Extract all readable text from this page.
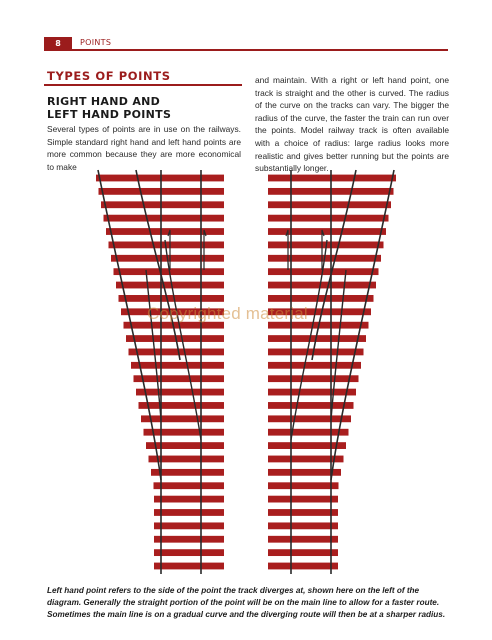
8	POINTS
TYPES OF POINTS
RIGHT HAND AND
LEFT HAND POINTS
Several types of points are in use on the railways. Simple standard right hand and left hand points are more common because they are more economical to make
and maintain. With a right or left hand point, one track is straight and the other is curved. The radius of the curve on the tracks can vary. The bigger the radius of the curve, the faster the train can run over the points. Model railway track is often available with a choice of radius: large radius looks more realistic and gives better running but the points are substantially longer.
Copyrighted material
Left hand point refers to the side of the point the track diverges at, shown here on the left of the diagram. Generally the straight portion of the point will be on the main line to allow for a faster route. Sometimes the main line is on a gradual curve and the diverging route will then be at a sharper radius.
